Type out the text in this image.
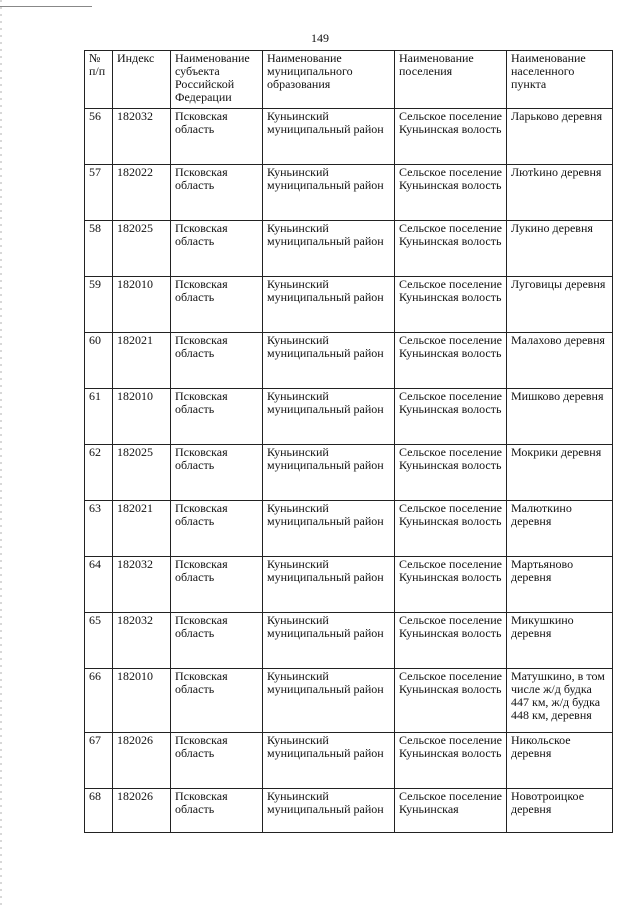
149
№ п/п	Индекс	Наименование субъекта Российской Федерации	Наименование муниципального образования	Наименование поселения	Наименование населенного пункта
56	182032	Псковская область	Куньинский муниципальный район	Сельское поселение Куньинская волость	Ларьково деревня
57	182022	Псковская область	Куньинский муниципальный район	Сельское поселение Куньинская волость	Лютkино деревня
58	182025	Псковская область	Куньинский муниципальный район	Сельское поселение Куньинская волость	Лукино деревня
59	182010	Псковская область	Куньинский муниципальный район	Сельское поселение Куньинская волость	Луговицы деревня
60	182021	Псковская область	Куньинский муниципальный район	Сельское поселение Куньинская волость	Малахово деревня
61	182010	Псковская область	Куньинский муниципальный район	Сельское поселение Куньинская волость	Мишково деревня
62	182025	Псковская область	Куньинский муниципальный район	Сельское поселение Куньинская волость	Мокрики деревня
63	182021	Псковская область	Куньинский муниципальный район	Сельское поселение Куньинская волость	Малюткино деревня
64	182032	Псковская область	Куньинский муниципальный район	Сельское поселение Куньинская волость	Мартьяново деревня
65	182032	Псковская область	Куньинский муниципальный район	Сельское поселение Куньинская волость	Микушкино деревня
66	182010	Псковская область	Куньинский муниципальный район	Сельское поселение Куньинская волость	Матушкино, в том числе ж/д будка 447 км, ж/д будка 448 км, деревня
67	182026	Псковская область	Куньинский муниципальный район	Сельское поселение Куньинская волость	Никольское деревня
68	182026	Псковская область	Куньинский муниципальный район	Сельское поселение Куньинская	Новотроицкое деревня
